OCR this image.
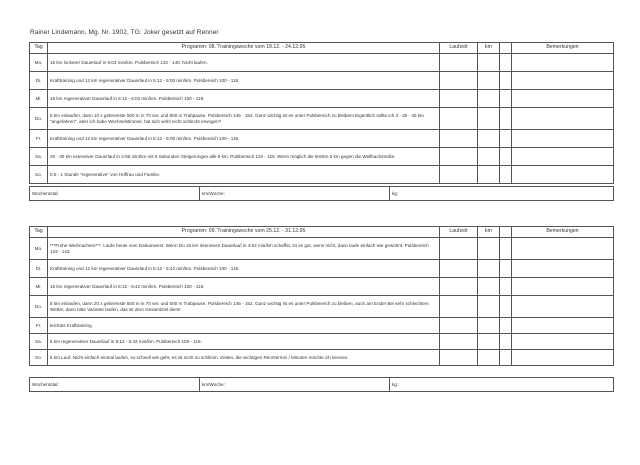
Rainer Lindemann, Mg. Nr. 1902, TG: Joker gesetzt auf Renner
Tag	Programm: 08. Trainingswoche vom 18.12. - 24.12.95	Laufzeit	km		Bemerkungen
Mo.	15 km lockerer Dauerlauf in 6:03 min/km. Pulsbereich 133 - 140. Nicht laufen.				
Di.	Krafttraining und 12 km regenerativer Dauerlauf in 5:12 - 6:00 min/km. Pulsbereich 100 - 118.				
Mi.	16 km regenerativer Dauerlauf in 5:12 - 6:02 min/km. Pulsbereich 100 - 118.				
Do.	5 km einlaufen, dann 10 x gebremste 500 m in 70 sec und 800 m Trabpause. Pulsbereich 145 - 152. Ganz wichtig ist es unter Pulsbereich zu bleiben! Eigentlich sollte ich 3 - 25 - 40 km "angefahren", aber ich habe Wechselstimmel, hat sich wohl nicht schlecht erwogen?				
Fr.	Krafttraining und 12 km regenerativer Dauerlauf in 5:12 - 6:00 min/km. Pulsbereich 100 - 118.				
Sa.	25 - 30 km extensiver Dauerlauf in 4:56 min/km mit 6 Sekunden Steigerungen alle 5 km. Pulsbereich 119 - 126. Wenn möglich die letzten 5 km gegen die Wellbachstraße.				
So.	0,5 - 1 Stunde "regenerative" von Hoffrau und Familie.				
Wochentotal:	km/Woche:	kg:
Tag	Programm: 09. Trainingswoche vom 25.12. - 31.12.95	Laufzeit	km		Bemerkungen
Mo.	***Frohe Weihnachten***. Laufe heute vom Darkanwest. Wenn Du 15 km intensiven Dauerlauf in 4:52 min/km schaffst, ist es gut, wenn nicht, dann laufe einfach wie gewohnt. Pulsbereich 133 - 143.				
Di.	Krafttraining und 12 km regenerativer Dauerlauf in 5:12 - 5:42 min/km. Pulsbereich 100 - 118.				
Mi.	16 km regenerativer Dauerlauf in 5:12 - 5:42 min/km. Pulsbereich 100 - 118.				
Do.	5 km einlaufen, dann 20 x gebremste 500 m in 70 sec und 500 m Trabpause. Pulsbereich 145 - 152. Ganz wichtig ist es unter Pulsbereich zu bleiben, auch am Ende! Bei sehr schlechtem Wetter, dann bitte Variante laufen, das ist dem Gesamtziel dient!				
Fr.	leichtes Krafttraining				
Sa.	5 km regenerativer Dauerlauf in 5:12 - 5:42 min/km. Pulsbereich 100 - 118.				
So.	5 km Lauf. Nicht einfach einmal laufen, so schnell wie geht, es ist nicht so schlimm. Zeiten, die wichtigen Renntermin / Minuten möchte ich kennen.				
Wochentotal:	km/Woche:	kg:
